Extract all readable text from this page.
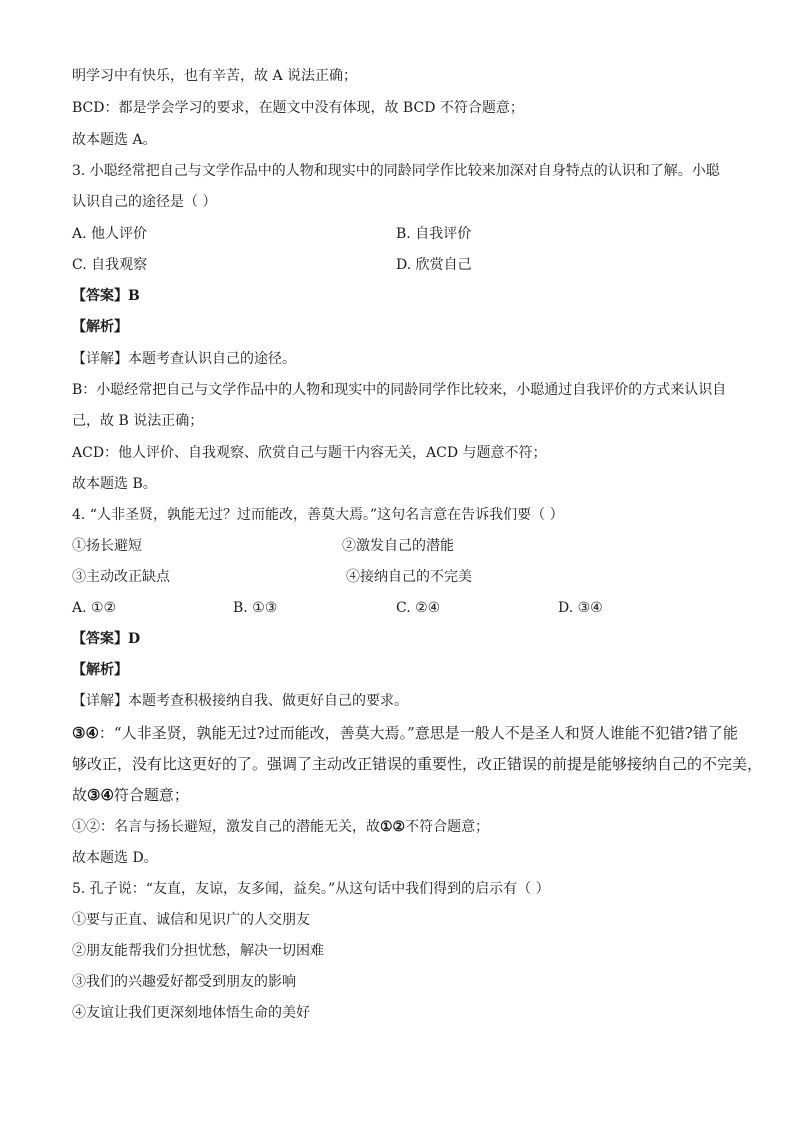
明学习中有快乐，也有辛苦，故 A 说法正确；
BCD：都是学会学习的要求，在题文中没有体现，故 BCD 不符合题意；
故本题选 A。
3. 小聪经常把自己与文学作品中的人物和现实中的同龄同学作比较来加深对自身特点的认识和了解。小聪
认识自己的途径是（ ）
A. 他人评价	B. 自我评价
C. 自我观察	D. 欣赏自己
【答案】B
【解析】
【详解】本题考查认识自己的途径。
B：小聪经常把自己与文学作品中的人物和现实中的同龄同学作比较来，小聪通过自我评价的方式来认识自
己，故 B 说法正确；
ACD：他人评价、自我观察、欣赏自己与题干内容无关，ACD 与题意不符；
故本题选 B。
4. “人非圣贤，孰能无过？过而能改，善莫大焉。”这句名言意在告诉我们要（ ）
①扬长避短	②激发自己的潜能
③主动改正缺点	④接纳自己的不完美
A. ①②	B. ①③	C. ②④	D. ③④
【答案】D
【解析】
【详解】本题考查积极接纳自我、做更好自己的要求。
③④：“人非圣贤，孰能无过?过而能改，善莫大焉。”意思是一般人不是圣人和贤人谁能不犯错?错了能
够改正，没有比这更好的了。强调了主动改正错误的重要性，改正错误的前提是能够接纳自己的不完美，
故③④符合题意；
①②：名言与扬长避短，激发自己的潜能无关，故①②不符合题意；
故本题选 D。
5. 孔子说：“友直，友谅，友多闻，益矣。”从这句话中我们得到的启示有（ ）
①要与正直、诚信和见识广的人交朋友
②朋友能帮我们分担忧愁，解决一切困难
③我们的兴趣爱好都受到朋友的影响
④友谊让我们更深刻地体悟生命的美好
